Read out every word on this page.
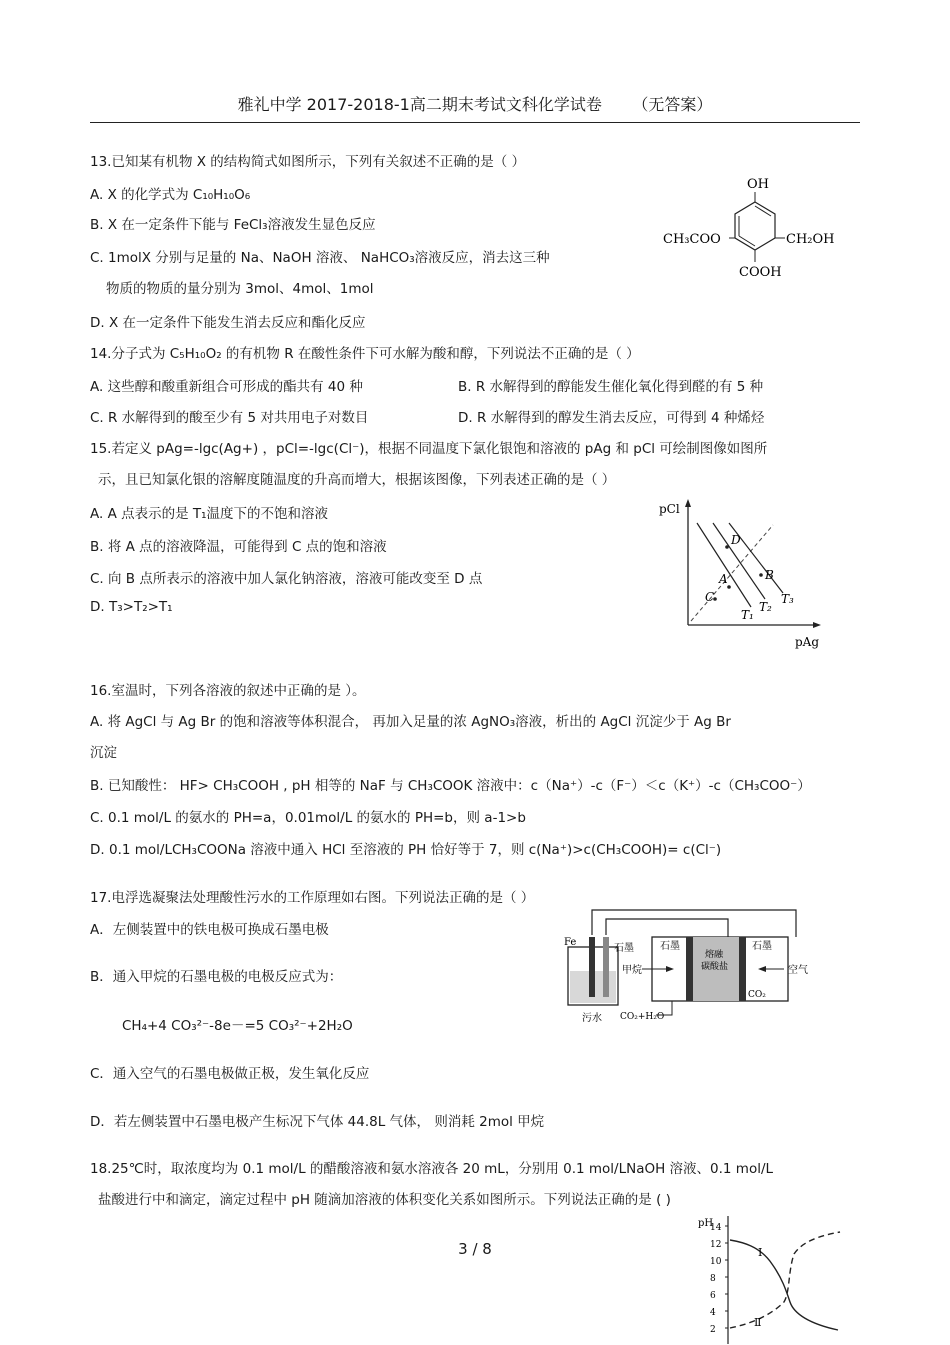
雅礼中学 2017-2018-1高二期末考试文科化学试卷 （无答案）
13.已知某有机物 X 的结构简式如图所示，下列有关叙述不正确的是（ ）
A. X 的化学式为 C₁₀H₁₀O₆
B. X 在一定条件下能与 FeCl₃溶液发生显色反应
C. 1molX 分别与足量的 Na、NaOH 溶液、 NaHCO₃溶液反应，消去这三种
物质的物质的量分别为 3mol、4mol、1mol
D. X 在一定条件下能发生消去反应和酯化反应
OH
CH₃COO	CH₂OH
COOH
14.分子式为 C₅H₁₀O₂ 的有机物 R 在酸性条件下可水解为酸和醇，下列说法不正确的是（ ）
A. 这些醇和酸重新组合可形成的酯共有 40 种	B. R 水解得到的醇能发生催化氧化得到醛的有 5 种
C. R 水解得到的酸至少有 5 对共用电子对数目	D. R 水解得到的醇发生消去反应，可得到 4 种烯烃
15.若定义 pAg=-lgc(Ag+) ，pCl=-lgc(Cl⁻)，根据不同温度下氯化银饱和溶液的 pAg 和 pCl 可绘制图像如图所
示，且已知氯化银的溶解度随温度的升高而增大，根据该图像，下列表述正确的是（ ）
A. A 点表示的是 T₁温度下的不饱和溶液
B. 将 A 点的溶液降温，可能得到 C 点的饱和溶液
C. 向 B 点所表示的溶液中加人氯化钠溶液，溶液可能改变至 D 点
D. T₃>T₂>T₁
pCl
pAg
D
A	B
C
T₁
T₂
T₃
16.室温时，下列各溶液的叙述中正确的是 ）。
A. 将 AgCl 与 Ag Br 的饱和溶液等体积混合， 再加入足量的浓 AgNO₃溶液，析出的 AgCl 沉淀少于 Ag Br
沉淀
B. 已知酸性： HF> CH₃COOH , pH 相等的 NaF 与 CH₃COOK 溶液中：c（Na⁺）-c（F⁻）＜c（K⁺）-c（CH₃COO⁻）
C. 0.1 mol/L 的氨水的 PH=a，0.01mol/L 的氨水的 PH=b，则 a-1>b
D. 0.1 mol/LCH₃COONa 溶液中通入 HCl 至溶液的 PH 恰好等于 7，则 c(Na⁺)>c(CH₃COOH)= c(Cl⁻)
17.电浮选凝聚法处理酸性污水的工作原理如右图。下列说法正确的是（ ）
A．左侧装置中的铁电极可换成石墨电极
B．通入甲烷的石墨电极的电极反应式为：
CH₄+4 CO₃²⁻-8e－=5 CO₃²⁻+2H₂O
C．通入空气的石墨电极做正极，发生氧化反应
D．若左侧装置中石墨电极产生标况下气体 44.8L 气体， 则消耗 2mol 甲烷
Fe
石墨
污水
石墨	石墨
熔融
碳酸盐
甲烷	空气
CO₂
CO₂+H₂O
18.25℃时，取浓度均为 0.1 mol/L 的醋酸溶液和氨水溶液各 20 mL，分别用 0.1 mol/LNaOH 溶液、0.1 mol/L
盐酸进行中和滴定，滴定过程中 pH 随滴加溶液的体积变化关系如图所示。下列说法正确的是 ( )
pH
14
12
10
8
6
4
2
Ⅰ
Ⅱ
3 / 8
